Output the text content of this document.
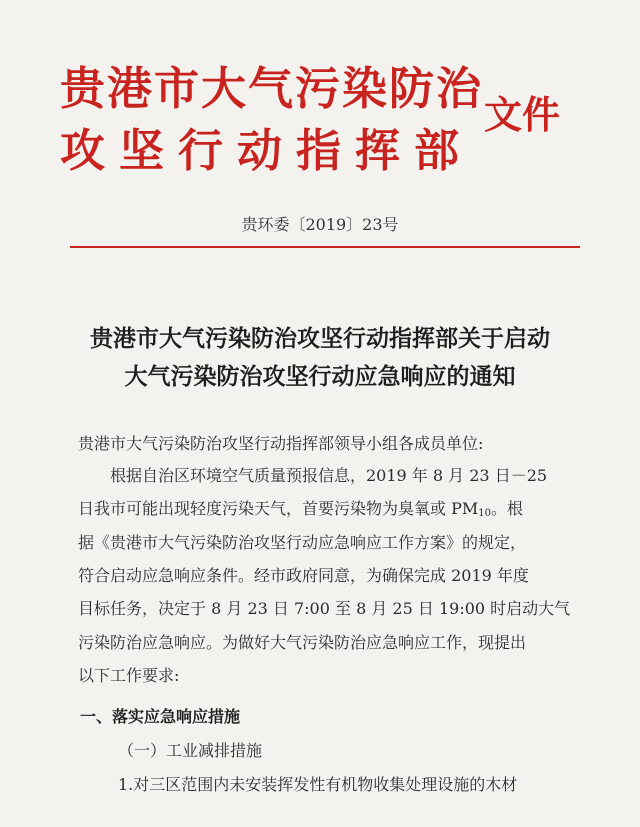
贵港市大气污染防治
攻坚行动指挥部
文件
贵环委〔2019〕23号
贵港市大气污染防治攻坚行动指挥部关于启动
大气污染防治攻坚行动应急响应的通知
贵港市大气污染防治攻坚行动指挥部领导小组各成员单位:
根据自治区环境空气质量预报信息，2019 年 8 月 23 日－25
日我市可能出现轻度污染天气，首要污染物为臭氧或 $PM_{10}$。根
据《贵港市大气污染防治攻坚行动应急响应工作方案》的规定，
符合启动应急响应条件。经市政府同意，为确保完成 2019 年度
目标任务，决定于 8 月 23 日 7:00 至 8 月 25 日 19:00 时启动大气
污染防治应急响应。为做好大气污染防治应急响应工作，现提出
以下工作要求:
一、落实应急响应措施
（一）工业减排措施
1.对三区范围内未安装挥发性有机物收集处理设施的木材
